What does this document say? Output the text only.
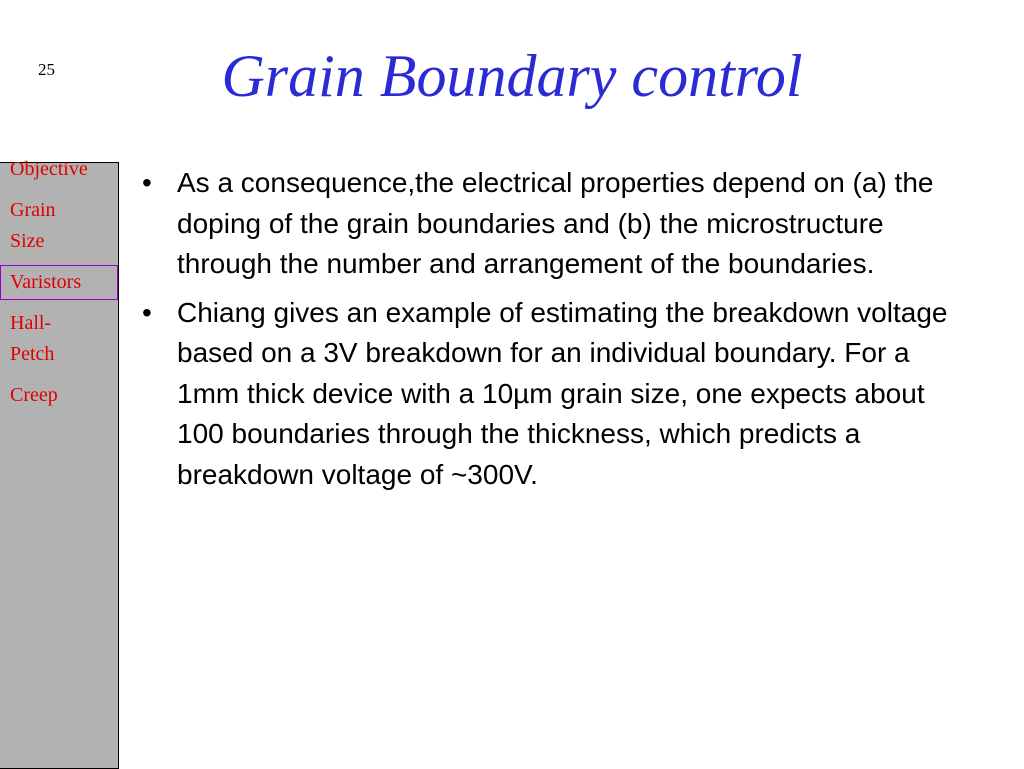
25	Grain Boundary control
Objective
Grain Size
Varistors
Hall-Petch
Creep
• As a consequence,the electrical properties depend on (a) the doping of the grain boundaries and (b) the microstructure through the number and arrangement of the boundaries.
• Chiang gives an example of estimating the breakdown voltage based on a 3V breakdown for an individual boundary. For a 1mm thick device with a 10µm grain size, one expects about 100 boundaries through the thickness, which predicts a breakdown voltage of ~300V.
